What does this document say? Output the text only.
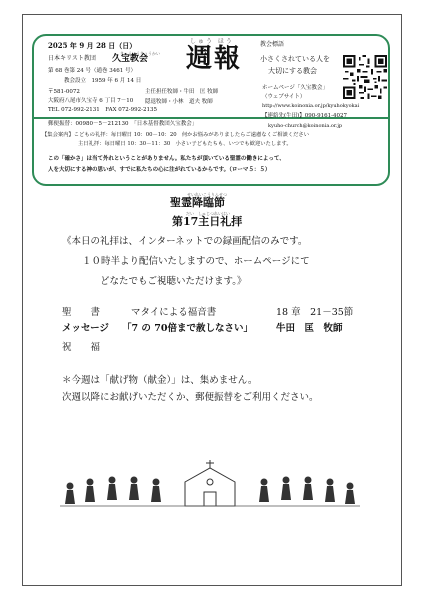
2025 年 9 月 28 日（日）
きゅうほうきょうかい
日本キリスト教団 久宝教会
第 68 巻第 24 号（通巻 3461 号）
教会設立　1959 年 6 月 14 日
しゅう ほう
週報	教会標語
小さくされている人を
大切にする教会
〒581-0072
大阪府八尾市久宝寺 6 丁目 7－10
TEL 072-992-2131　FAX 072-992-2135
主任担任牧師・牛田　匡 牧師
隠退牧師・小林　道夫 牧師
ホームページ「久宝教会」
（ウェブサイト）
http://www.koinonia.or.jp/kyuhokyokai
郵便振替：00980－5－212130　「日本基督教団久宝教会」
【連絡先(牛田)】090-9161-4027
kyuho-church@koinonia.or.jp
【集会案内】こどもの礼拝：毎日曜日 10：00－10：20　何かお悩みがありましたらご遠慮なくご相談ください
主日礼拝：毎日曜日 10：30－11：30　小さい子どもたちも、いつでも歓迎いたします。
この「確かさ」は当て外れということがありません。私たちが頂いている聖霊の働きによって、
人を大切にする神の思いが、すでに私たちの心に注がれているからです。（ローマ５：５）
せいれいこうりんせつ
聖霊降臨節
だい　しゅじつれいはい
第17主日礼拝
《本日の礼拝は、インターネットでの録画配信のみです。
１０時半より配信いたしますので、ホームページにて
どなたでもご視聴いただけます。》
聖　　書	マタイによる福音書	18 章　21－35節
メッセージ 「7 の 70倍まで赦しなさい」 牛田　匡　牧師
祝　　福
＊今週は「献げ物（献金）」は、集めません。
次週以降にお献げいただくか、郵便振替をご利用ください。
